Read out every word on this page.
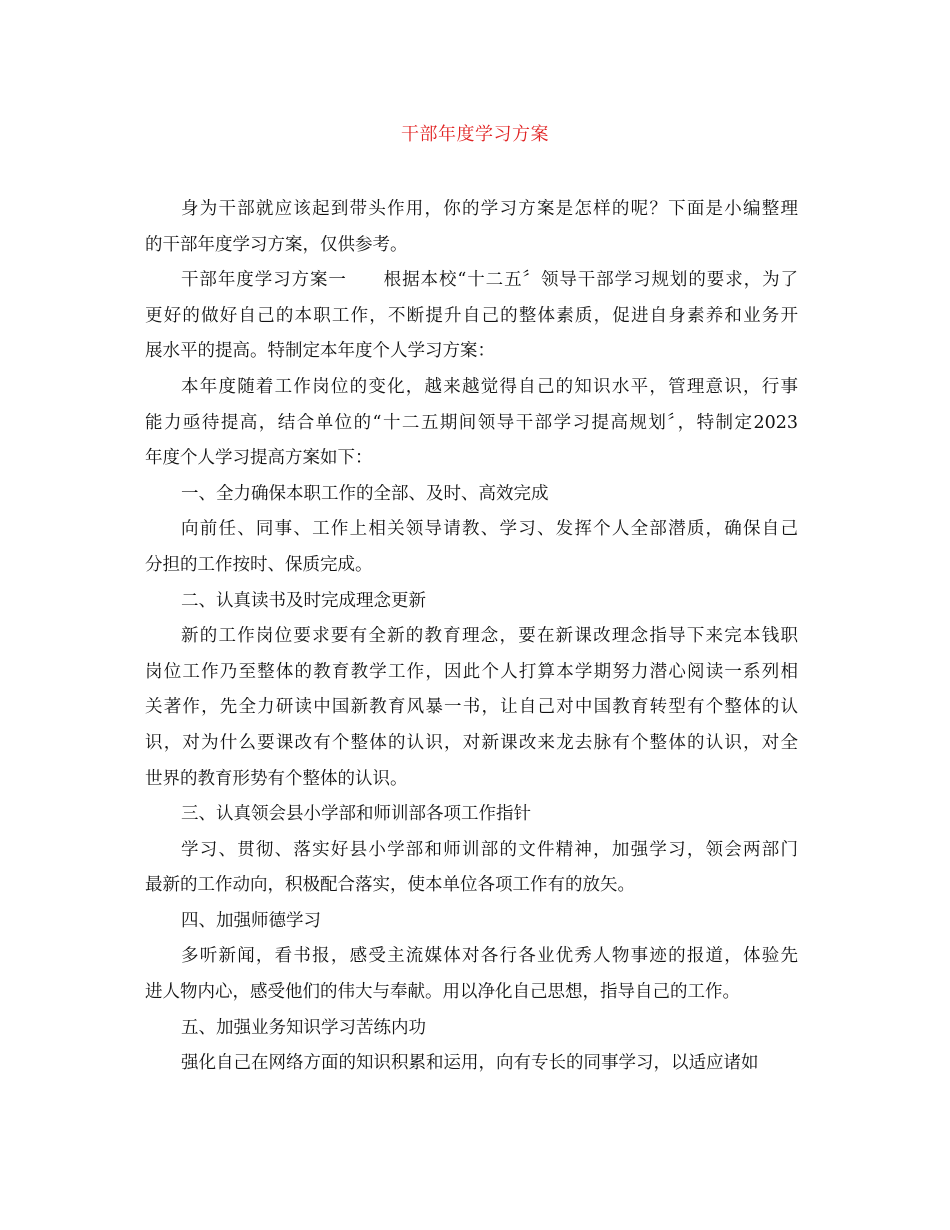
干部年度学习方案
身为干部就应该起到带头作用，你的学习方案是怎样的呢？下面是小编整理
的干部年度学习方案，仅供参考。
干部年度学习方案一　　根据本校“十二五〞领导干部学习规划的要求，为了
更好的做好自己的本职工作，不断提升自己的整体素质，促进自身素养和业务开
展水平的提高。特制定本年度个人学习方案：
本年度随着工作岗位的变化，越来越觉得自己的知识水平，管理意识，行事
能力亟待提高，结合单位的“十二五期间领导干部学习提高规划〞，特制定2023
年度个人学习提高方案如下：
一、全力确保本职工作的全部、及时、高效完成
向前任、同事、工作上相关领导请教、学习、发挥个人全部潜质，确保自己
分担的工作按时、保质完成。
二、认真读书及时完成理念更新
新的工作岗位要求要有全新的教育理念，要在新课改理念指导下来完本钱职
岗位工作乃至整体的教育教学工作，因此个人打算本学期努力潜心阅读一系列相
关著作，先全力研读中国新教育风暴一书，让自己对中国教育转型有个整体的认
识，对为什么要课改有个整体的认识，对新课改来龙去脉有个整体的认识，对全
世界的教育形势有个整体的认识。
三、认真领会县小学部和师训部各项工作指针
学习、贯彻、落实好县小学部和师训部的文件精神，加强学习，领会两部门
最新的工作动向，积极配合落实，使本单位各项工作有的放矢。
四、加强师德学习
多听新闻，看书报，感受主流媒体对各行各业优秀人物事迹的报道，体验先
进人物内心，感受他们的伟大与奉献。用以净化自己思想，指导自己的工作。
五、加强业务知识学习苦练内功
强化自己在网络方面的知识积累和运用，向有专长的同事学习，以适应诸如
